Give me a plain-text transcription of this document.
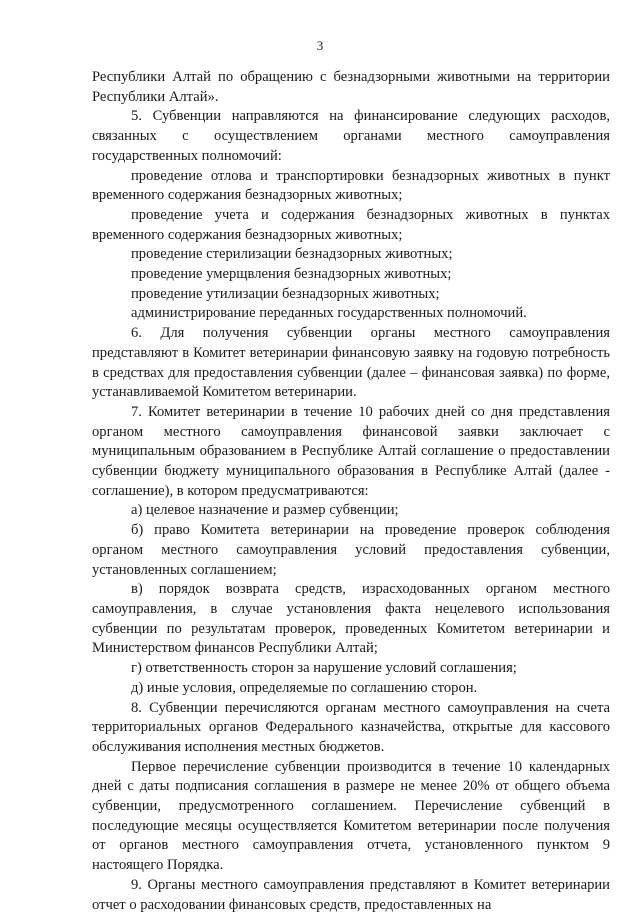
3

Республики Алтай по обращению с безнадзорными животными на территории Республики Алтай».

5. Субвенции направляются на финансирование следующих расходов, связанных с осуществлением органами местного самоуправления государственных полномочий:

проведение отлова и транспортировки безнадзорных животных в пункт временного содержания безнадзорных животных;

проведение учета и содержания безнадзорных животных в пунктах временного содержания безнадзорных животных;

проведение стерилизации безнадзорных животных;

проведение умерщвления безнадзорных животных;

проведение утилизации безнадзорных животных;

администрирование переданных государственных полномочий.

6. Для получения субвенции органы местного самоуправления представляют в Комитет ветеринарии финансовую заявку на годовую потребность в средствах для предоставления субвенции (далее – финансовая заявка) по форме, устанавливаемой Комитетом ветеринарии.

7. Комитет ветеринарии в течение 10 рабочих дней со дня представления органом местного самоуправления финансовой заявки заключает с муниципальным образованием в Республике Алтай соглашение о предоставлении субвенции бюджету муниципального образования в Республике Алтай (далее - соглашение), в котором предусматриваются:

а) целевое назначение и размер субвенции;

б) право Комитета ветеринарии на проведение проверок соблюдения органом местного самоуправления условий предоставления субвенции, установленных соглашением;

в) порядок возврата средств, израсходованных органом местного самоуправления, в случае установления факта нецелевого использования субвенции по результатам проверок, проведенных Комитетом ветеринарии и Министерством финансов Республики Алтай;

г) ответственность сторон за нарушение условий соглашения;

д) иные условия, определяемые по соглашению сторон.

8. Субвенции перечисляются органам местного самоуправления на счета территориальных органов Федерального казначейства, открытые для кассового обслуживания исполнения местных бюджетов.

Первое перечисление субвенции производится в течение 10 календарных дней с даты подписания соглашения в размере не менее 20% от общего объема субвенции, предусмотренного соглашением. Перечисление субвенций в последующие месяцы осуществляется Комитетом ветеринарии после получения от органов местного самоуправления отчета, установленного пунктом 9 настоящего Порядка.

9. Органы местного самоуправления представляют в Комитет ветеринарии отчет о расходовании финансовых средств, предоставленных на
